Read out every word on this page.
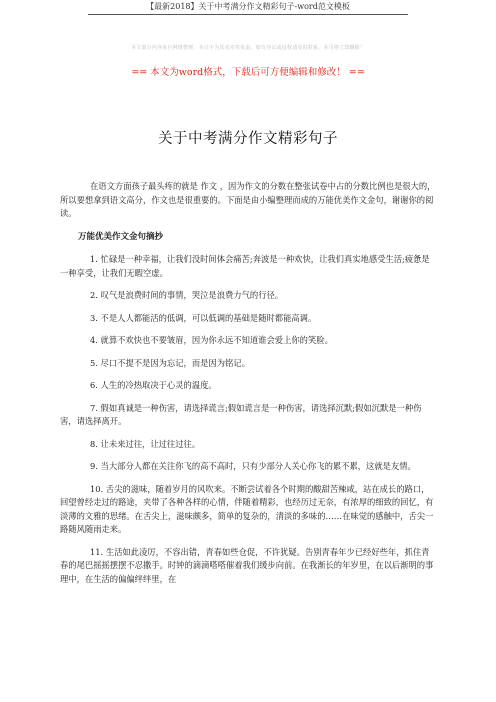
【最新2018】关于中考满分作文精彩句子-word范文模板
本文部分内容来自网络整理，本司不为其真实性负责，如有异议或侵权请及时联系，本司将立即删除！
== 本文为word格式，下载后可方便编辑和修改！ ==
关于中考满分作文精彩句子

在语文方面孩子最头疼的就是 作文 ，因为作文的分数在整张试卷中占的分数比例也是很大的，所以要想拿到语文高分，作文也是很重要的。下面是由小编整理而成的万能优美作文金句，谢谢你的阅读。

万能优美作文金句摘抄

1. 忙碌是一种幸福，让我们没时间体会痛苦;奔波是一种欢快，让我们真实地感受生活;疲惫是一种享受，让我们无暇空虚。

2. 叹气是浪费时间的事情，哭泣是浪费力气的行径。

3. 不是人人都能活的低调，可以低调的基础是随时都能高调。

4. 就算不欢快也不要皱眉，因为你永远不知道谁会爱上你的笑脸。

5. 尽口不提不是因为忘记，而是因为铭记。

6. 人生的冷热取决于心灵的温度。

7. 假如真诚是一种伤害，请选择谎言;假如谎言是一种伤害，请选择沉默;假如沉默是一种伤害，请选择离开。

8. 让未来过往，让过往过往。

9. 当大部分人都在关注你飞的高不高时，只有少部分人关心你飞的累不累，这就是友情。

10. 舌尖的滋味，随着岁月的风吹来。不断尝试着各个时期的酸甜苦辣咸，站在成长的路口，回望曾经走过的路途，夹带了各种各样的心情，伴随着精彩，也经历过无奈，有浓厚的细致的回忆，有淡薄的文雅的思绪。在舌尖上，滋味颇多，简单的复杂的，清淡的多味的……在味觉的感触中，舌尖一路随风随雨走来。

11. 生活如此凌厉，不容出错，青春如些仓促，不许犹疑。告别青春年少已经好些年，抓住青春的尾巴摇摇摆摆不忍撒手。时钟的滴滴嗒嗒催着我们缓步向前。在我渐长的年岁里，在以后渐明的事理中，在生活的偏偏绊绊里，在
